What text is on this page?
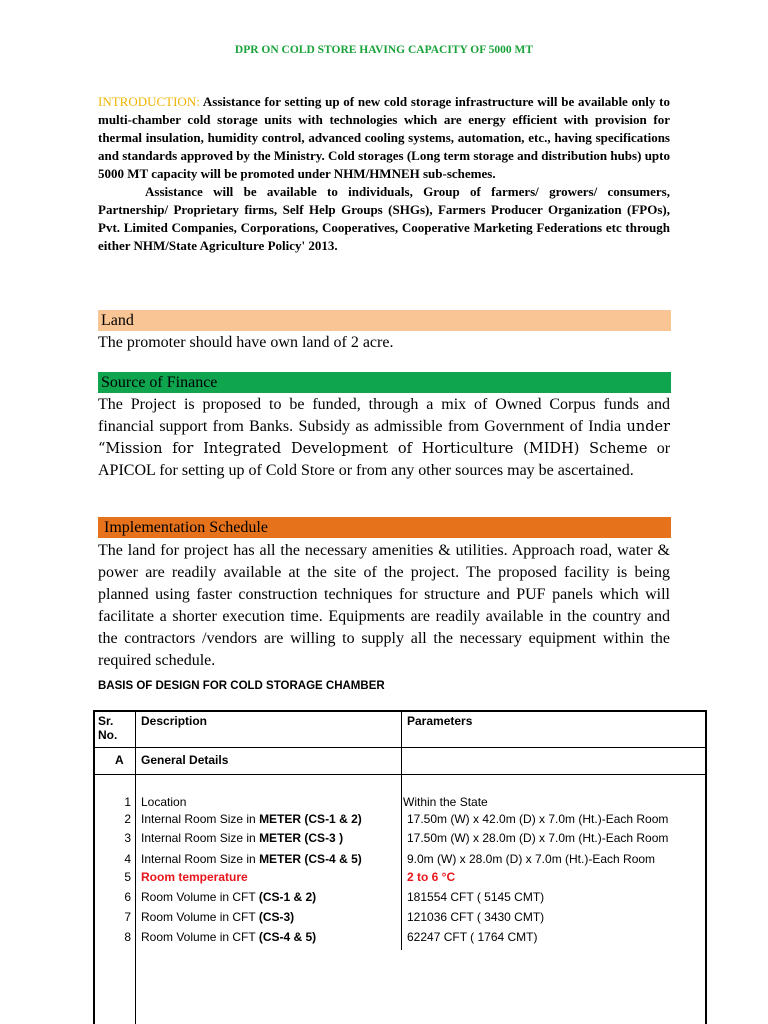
DPR ON COLD STORE HAVING CAPACITY OF 5000 MT

INTRODUCTION: Assistance for setting up of new cold storage infrastructure will be available only to multi-chamber cold storage units with technologies which are energy efficient with provision for thermal insulation, humidity control, advanced cooling systems, automation, etc., having specifications and standards approved by the Ministry. Cold storages (Long term storage and distribution hubs) upto 5000 MT capacity will be promoted under NHM/HMNEH sub-schemes.

Assistance will be available to individuals, Group of farmers/ growers/ consumers, Partnership/ Proprietary firms, Self Help Groups (SHGs), Farmers Producer Organization (FPOs), Pvt. Limited Companies, Corporations, Cooperatives, Cooperative Marketing Federations etc through either NHM/State Agriculture Policy' 2013.

Land
The promoter should have own land of 2 acre.
Source of Finance

The Project is proposed to be funded, through a mix of Owned Corpus funds and financial support from Banks. Subsidy as admissible from Government of India under “Mission for Integrated Development of Horticulture (MIDH) Scheme or APICOL for setting up of Cold Store or from any other sources may be ascertained.

Implementation Schedule
The land for project has all the necessary amenities & utilities. Approach road, water & power are readily available at the site of the project. The proposed facility is being planned using faster construction techniques for structure and PUF panels which will facilitate a shorter execution time. Equipments are readily available in the country and the contractors /vendors are willing to supply all the necessary equipment within the required schedule.
BASIS OF DESIGN FOR COLD STORAGE CHAMBER
Sr. No.
Description	Parameters
A General Details
1 Location	Within the State
2 Internal Room Size in METER (CS-1 & 2)	17.50m (W) x 42.0m (D) x 7.0m (Ht.)-Each Room
3 Internal Room Size in METER (CS-3 )	17.50m (W) x 28.0m (D) x 7.0m (Ht.)-Each Room
4 Internal Room Size in METER (CS-4 & 5)	9.0m (W) x 28.0m (D) x 7.0m (Ht.)-Each Room
5 Room temperature	2 to 6 °C
6 Room Volume in CFT (CS-1 & 2)	181554 CFT ( 5145 CMT)
7 Room Volume in CFT (CS-3)	121036 CFT ( 3430 CMT)
8 Room Volume in CFT (CS-4 & 5)	62247 CFT ( 1764 CMT)
